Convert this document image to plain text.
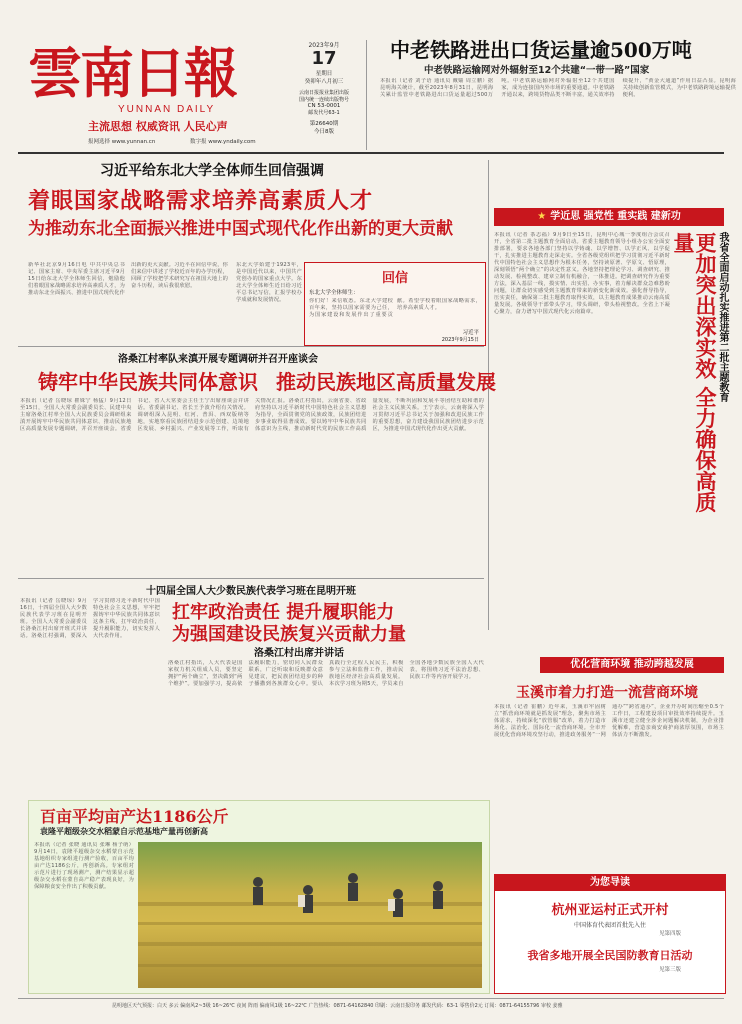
雲南日報
YUNNAN DAILY
主流思想 权威资讯 人民心声
报网选择 www.yunnan.cn	数字报 www.yndaily.com
2023年9月
17
星期日
癸卯年八月初三
云南日报报业集团出版
国内统一连续出版物号
CN 53-0001
邮发代号63-1
第26640期
今日8版
中老铁路进出口货运量逾500万吨
中老铁路运输网对外辐射至12个共建“一带一路”国家
本报讯（记者 刘子语 通讯员 戴嫱 周立鹏）据昆明海关统计，截至2023年8月31日，昆明海关累计监管中老铁路进出口货运量超过500万吨。中老铁路运输网对外辐射至12个共建国家，成为连接国内外市场的重要通道。中老铁路开通以来，跨境货物品类不断丰富，通关效率持续提升，“黄金大通道”作用日益凸显。昆明海关持续创新监管模式，为中老铁路跨境运输提供便利。
习近平给东北大学全体师生回信强调
着眼国家战略需求培养高素质人才
为推动东北全面振兴推进中国式现代化作出新的更大贡献
新华社北京9月16日电 中共中央总书记、国家主席、中央军委主席习近平9月15日给东北大学全体师生回信，勉励他们着眼国家战略需求培养高素质人才，为推动东北全面振兴、推进中国式现代化作出新的更大贡献。习近平在回信中说，你们来信中讲述了学校近百年的办学历程，回顾了学校把学术研究写在祖国大地上的奋斗历程，读后我很欣慰。
东北大学始建于1923年，是中国近代以来，中国共产党创办的国家重点大学。东北大学全体师生近日给习近平总书记写信，汇报学校办学成就和发展情况。
回信
东北大学全体师生：
你们好！来信收悉。东北大学建校百年来，坚持以国家需要为己任，为国家建设和发展作出了重要贡献。希望学校着眼国家战略需求，培养高素质人才。
习近平
2023年9月15日
★ 学近思 强党性 重实践 建新功
我省全面启动扎实推进第二批主题教育
更加突出深实效 全力确保高质量
本报讯（记者 茶志福）9月9日至15日，昆明中心城一季度组合会议召开，全省第二批主题教育全面启动。省委主题教育领导小组办公室全面安排部署，要求各地各部门坚持以学铸魂、以学增智、以学正风、以学促干，扎实推进主题教育走深走实。全省各级党组织把学习贯彻习近平新时代中国特色社会主义思想作为根本任务，坚持读原著、学原文、悟原理，深刻领悟“两个确立”的决定性意义。各地坚持把理论学习、调查研究、推动发展、检视整改、建章立制有机融合，一体推进。把调查研究作为重要方法，深入基层一线，摸实情、出实招、办实事，着力解决群众急难愁盼问题，让群众切实感受到主题教育带来的新变化新成效。强化督导指导，压实责任，确保第二批主题教育取得实效，以主题教育成果推动云南高质量发展。各级领导干部带头学习，带头调研，带头检视整改。全省上下凝心聚力，奋力谱写中国式现代化云南篇章。
洛桑江村率队来滇开展专题调研并召开座谈会
铸牢中华民族共同体意识 推动民族地区高质量发展
本报讯（记者 岳晓琼 瞿姝宁 杨猛）9月12日至15日，全国人大常委会副委员长、民建中央主席洛桑江村率全国人大民族委员会调研组来滇开展铸牢中华民族共同体意识、推动民族地区高质量发展专题调研，并召开座谈会。省委书记、省人大常委会主任王宁出席座谈会并讲话。省委副书记、省长王予波介绍有关情况。调研组深入昆明、红河、普洱、西双版纳等地，实地察看民族团结进步示范创建、边境地区发展、乡村振兴、产业发展等工作，听取有关情况汇报。洛桑江村指出，云南省委、省政府坚持以习近平新时代中国特色社会主义思想为指导，全面贯彻党的民族政策，民族团结进步事业取得显著成效。要以铸牢中华民族共同体意识为主线，推动新时代党的民族工作高质量发展，不断巩固和发展平等团结互助和谐的社会主义民族关系。王宁表示，云南将深入学习贯彻习近平总书记关于加强和改进民族工作的重要思想，奋力建设我国民族团结进步示范区，为推进中国式现代化作出更大贡献。
十四届全国人大少数民族代表学习班在昆明开班
扛牢政治责任 提升履职能力
为强国建设民族复兴贡献力量
洛桑江村出席并讲话
本报讯（记者 岳晓琼）9月16日，十四届全国人大少数民族代表学习班在昆明开班。全国人大常委会副委员长洛桑江村出席开班式并讲话。洛桑江村强调，要深入学习贯彻习近平新时代中国特色社会主义思想，牢牢把握铸牢中华民族共同体意识这条主线，扛牢政治责任，提升履职能力，切实发挥人大代表作用。
洛桑江村指出，人大代表是国家权力机关组成人员，要坚定拥护“两个确立”，坚决做到“两个维护”。要加强学习，提高依法履职能力，密切同人民群众联系，广泛听取和反映群众意见建议，把民族团结进步的种子播撒到各族群众心中。要认真践行全过程人民民主，积极参与立法和监督工作，推动民族地区经济社会高质量发展。本次学习班为期5天，学员来自全国各地少数民族全国人大代表，将围绕习近平法治思想、民族工作等内容开展学习。
优化营商环境 推动跨越发展
玉溪市着力打造一流营商环境
本报讯（记者 崔鹏）近年来，玉溪市牢固树立“抓营商环境就是抓发展”理念，聚焦市场主体需求，持续深化“放管服”改革，着力打造市场化、法治化、国际化一流营商环境。全市开展优化营商环境攻坚行动，推进政务服务“一网通办”“跨省通办”，企业开办时间压缩至0.5个工作日，工程建设项目审批效率持续提升。玉溪市还建立健全涉企问题解决机制，为企业排忧解难，营造亲商安商护商浓厚氛围，市场主体活力不断激发。
百亩平均亩产达1186公斤
袁隆平超级杂交水稻蒙自示范基地产量再创新高
本报讯（记者 张晓 通讯员 张琳 杨子萌）9月14日，袁隆平超级杂交水稻蒙自示范基地组织专家组进行测产验收，百亩平均亩产达1186公斤，再创新高。专家组对示范片进行了现场测产，测产结果显示超级杂交水稻在蒙自高产稳产表现良好，为保障粮食安全作出了积极贡献。	为您导读
杭州亚运村正式开村
中国体育代表团首批先入住
见第四版
我省多地开展全民国防教育日活动
见第三版
昆明地区天气预报：白天 多云 偏南风2~3级 16~26℃ 夜间 阵雨 偏南风1级 16~22℃ 广告热线：0871-64162840 印刷：云南日报印务 邮发代码：63-1 零售价2元 订阅：0871-64155796 审校 姜雅
